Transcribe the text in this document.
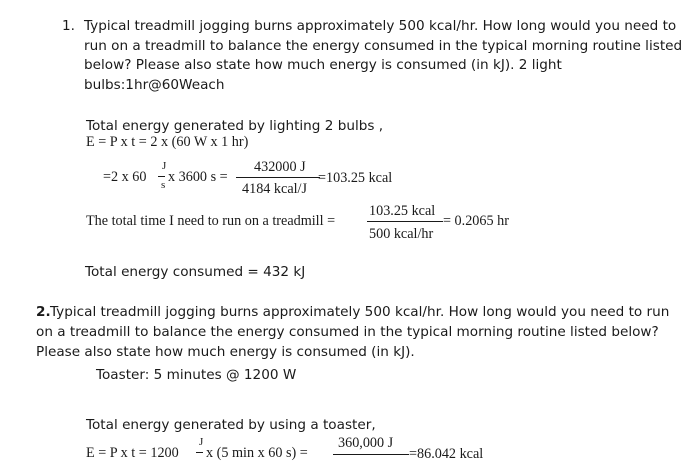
1. Typical treadmill jogging burns approximately 500 kcal/hr. How long would you need to
run on a treadmill to balance the energy consumed in the typical morning routine listed
below? Please also state how much energy is consumed (in kJ). 2 light
bulbs:1hr@60Weach
Total energy generated by lighting 2 bulbs ,
E = P x t = 2 x (60 W x 1 hr)
=2 x 60
J
s x 3600 s =
432000 J
4184 kcal/J
=103.25 kcal
The total time I need to run on a treadmill =
103.25 kcal
500 kcal/hr
= 0.2065 hr
Total energy consumed = 432 kJ
2. Typical treadmill jogging burns approximately 500 kcal/hr. How long would you need to run
on a treadmill to balance the energy consumed in the typical morning routine listed below?
Please also state how much energy is consumed (in kJ).
Toaster: 5 minutes @ 1200 W
Total energy generated by using a toaster,
E = P x t = 1200
J
x (5 min x 60 s) =
360,000 J
=86.042 kcal
